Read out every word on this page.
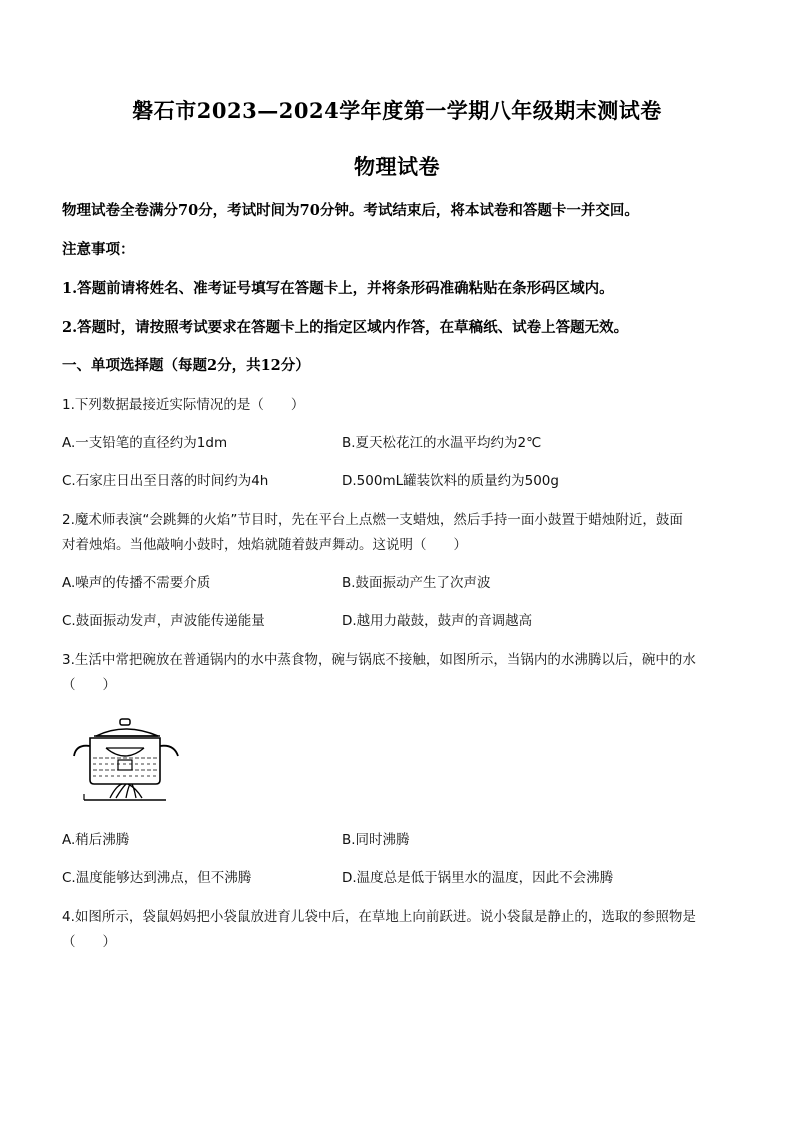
磐石市2023—2024学年度第一学期八年级期末测试卷
物理试卷
物理试卷全卷满分70分，考试时间为70分钟。考试结束后，将本试卷和答题卡一并交回。
注意事项：
1.答题前请将姓名、准考证号填写在答题卡上，并将条形码准确粘贴在条形码区域内。
2.答题时，请按照考试要求在答题卡上的指定区域内作答，在草稿纸、试卷上答题无效。
一、单项选择题（每题2分，共12分）
1.下列数据最接近实际情况的是（　　）
A.一支铅笔的直径约为1dm	B.夏天松花江的水温平均约为2℃
C.石家庄日出至日落的时间约为4h	D.500mL罐装饮料的质量约为500g
2.魔术师表演“会跳舞的火焰”节目时，先在平台上点燃一支蜡烛，然后手持一面小鼓置于蜡烛附近，鼓面
对着烛焰。当他敲响小鼓时，烛焰就随着鼓声舞动。这说明（　　）
A.噪声的传播不需要介质	B.鼓面振动产生了次声波
C.鼓面振动发声，声波能传递能量	D.越用力敲鼓，鼓声的音调越高
3.生活中常把碗放在普通锅内的水中蒸食物，碗与锅底不接触，如图所示，当锅内的水沸腾以后，碗中的水
（　　）
A.稍后沸腾	B.同时沸腾
C.温度能够达到沸点，但不沸腾	D.温度总是低于锅里水的温度，因此不会沸腾
4.如图所示，袋鼠妈妈把小袋鼠放进育儿袋中后，在草地上向前跃进。说小袋鼠是静止的，选取的参照物是
（　　）
